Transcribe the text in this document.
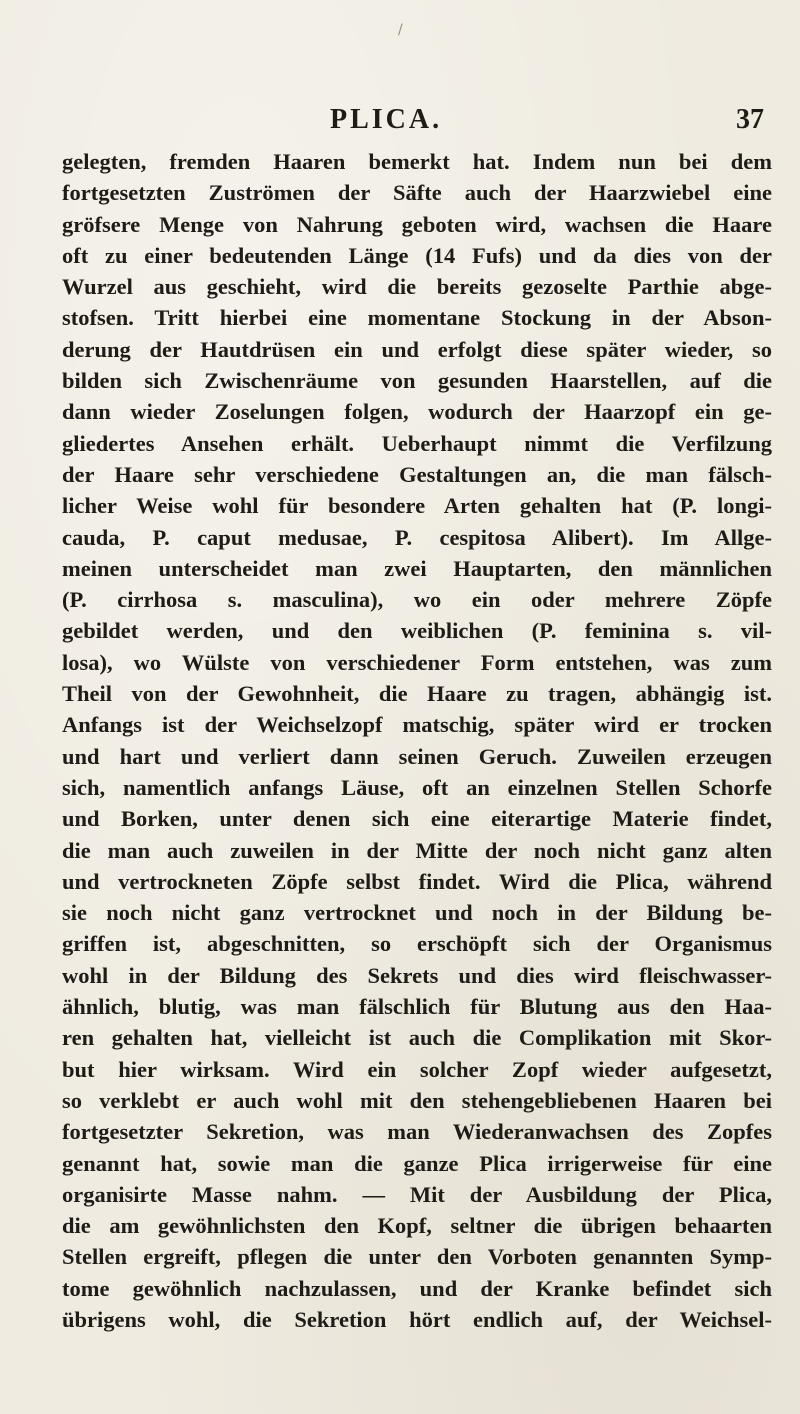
/
PLICA.	37
gelegten, fremden Haaren bemerkt hat. Indem nun bei dem
fortgesetzten Zuströmen der Säfte auch der Haarzwiebel eine
gröfsere Menge von Nahrung geboten wird, wachsen die Haare
oft zu einer bedeutenden Länge (14 Fufs) und da dies von der
Wurzel aus geschieht, wird die bereits gezoselte Parthie abge-
stofsen. Tritt hierbei eine momentane Stockung in der Abson-
derung der Hautdrüsen ein und erfolgt diese später wieder, so
bilden sich Zwischenräume von gesunden Haarstellen, auf die
dann wieder Zoselungen folgen, wodurch der Haarzopf ein ge-
gliedertes Ansehen erhält. Ueberhaupt nimmt die Verfilzung
der Haare sehr verschiedene Gestaltungen an, die man fälsch-
licher Weise wohl für besondere Arten gehalten hat (P. longi-
cauda, P. caput medusae, P. cespitosa Alibert). Im Allge-
meinen unterscheidet man zwei Hauptarten, den männlichen
(P. cirrhosa s. masculina), wo ein oder mehrere Zöpfe
gebildet werden, und den weiblichen (P. feminina s. vil-
losa), wo Wülste von verschiedener Form entstehen, was zum
Theil von der Gewohnheit, die Haare zu tragen, abhängig ist.
Anfangs ist der Weichselzopf matschig, später wird er trocken
und hart und verliert dann seinen Geruch. Zuweilen erzeugen
sich, namentlich anfangs Läuse, oft an einzelnen Stellen Schorfe
und Borken, unter denen sich eine eiterartige Materie findet,
die man auch zuweilen in der Mitte der noch nicht ganz alten
und vertrockneten Zöpfe selbst findet. Wird die Plica, während
sie noch nicht ganz vertrocknet und noch in der Bildung be-
griffen ist, abgeschnitten, so erschöpft sich der Organismus
wohl in der Bildung des Sekrets und dies wird fleischwasser-
ähnlich, blutig, was man fälschlich für Blutung aus den Haa-
ren gehalten hat, vielleicht ist auch die Complikation mit Skor-
but hier wirksam. Wird ein solcher Zopf wieder aufgesetzt,
so verklebt er auch wohl mit den stehengebliebenen Haaren bei
fortgesetzter Sekretion, was man Wiederanwachsen des Zopfes
genannt hat, sowie man die ganze Plica irrigerweise für eine
organisirte Masse nahm. — Mit der Ausbildung der Plica,
die am gewöhnlichsten den Kopf, seltner die übrigen behaarten
Stellen ergreift, pflegen die unter den Vorboten genannten Symp-
tome gewöhnlich nachzulassen, und der Kranke befindet sich
übrigens wohl, die Sekretion hört endlich auf, der Weichsel-
